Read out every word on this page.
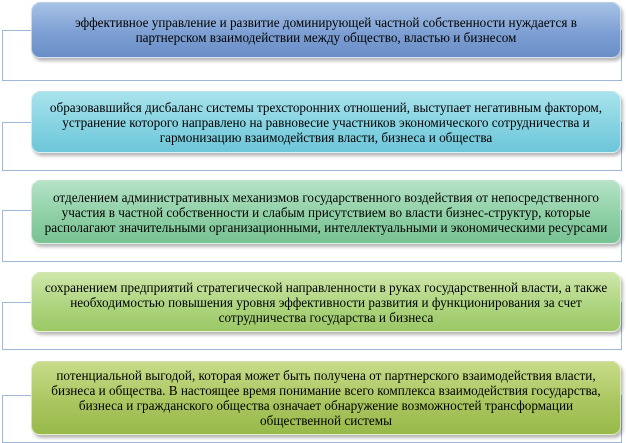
эффективное управление и развитие доминирующей частной собственности нуждается в партнерском взаимодействии между общество, властью и бизнесом
образовавшийся дисбаланс системы трехсторонних отношений, выступает негативным фактором, устранение которого направлено на равновесие участников экономического сотрудничества и гармонизацию взаимодействия власти, бизнеса и общества
отделением административных механизмов государственного воздействия от непосредственного участия в частной собственности и слабым присутствием во власти бизнес-структур, которые располагают значительными организационными, интеллектуальными и экономическими ресурсами
сохранением предприятий стратегической направленности в руках государственной власти, а также необходимостью повышения уровня эффективности развития и функционирования за счет сотрудничества государства и бизнеса
потенциальной выгодой, которая может быть получена от партнерского взаимодействия власти, бизнеса и общества. В настоящее время понимание всего комплекса взаимодействия государства, бизнеса и гражданского общества означает обнаружение возможностей трансформации общественной системы
